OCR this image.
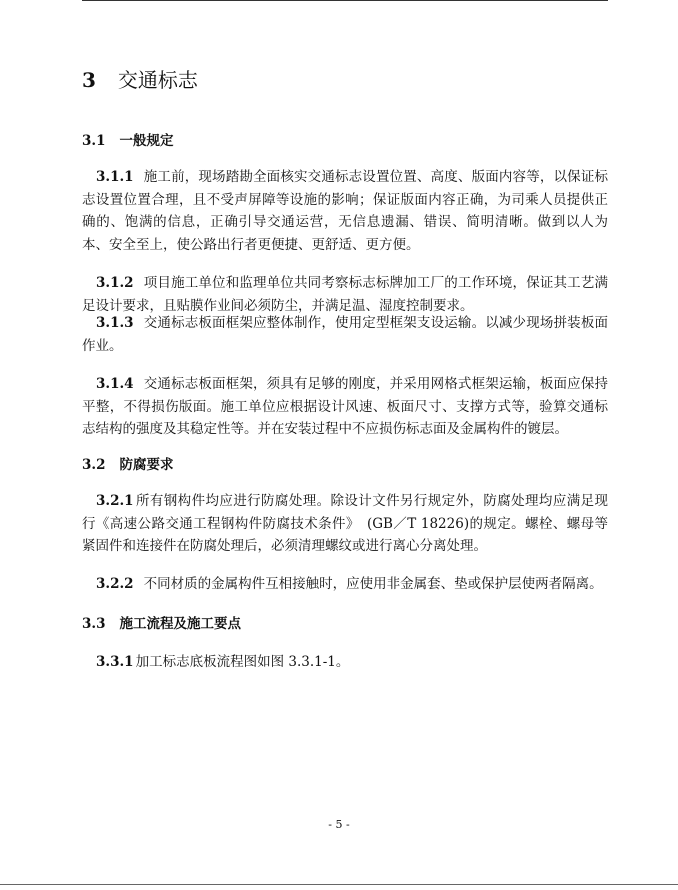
3 交通标志
3.1 一般规定
3.1.1 施工前，现场踏勘全面核实交通标志设置位置、高度、版面内容等，以保证标志设置位置合理，且不受声屏障等设施的影响；保证版面内容正确，为司乘人员提供正确的、饱满的信息，正确引导交通运营，无信息遗漏、错误、简明清晰。做到以人为本、安全至上，使公路出行者更便捷、更舒适、更方便。
3.1.2 项目施工单位和监理单位共同考察标志标牌加工厂的工作环境，保证其工艺满足设计要求，且贴膜作业间必须防尘，并满足温、湿度控制要求。
3.1.3 交通标志板面框架应整体制作，使用定型框架支设运输。以减少现场拼装板面作业。
3.1.4 交通标志板面框架，须具有足够的刚度，并采用网格式框架运输，板面应保持平整，不得损伤版面。施工单位应根据设计风速、板面尺寸、支撑方式等，验算交通标志结构的强度及其稳定性等。并在安装过程中不应损伤标志面及金属构件的镀层。
3.2 防腐要求
3.2.1 所有钢构件均应进行防腐处理。除设计文件另行规定外，防腐处理均应满足现行《高速公路交通工程钢构件防腐技术条件》　(GB／T 18226)的规定。螺栓、螺母等紧固件和连接件在防腐处理后，必须清理螺纹或进行离心分离处理。
3.2.2 不同材质的金属构件互相接触时，应使用非金属套、垫或保护层使两者隔离。
3.3 施工流程及施工要点
3.3.1 加工标志底板流程图如图 3.3.1-1。
- 5 -
